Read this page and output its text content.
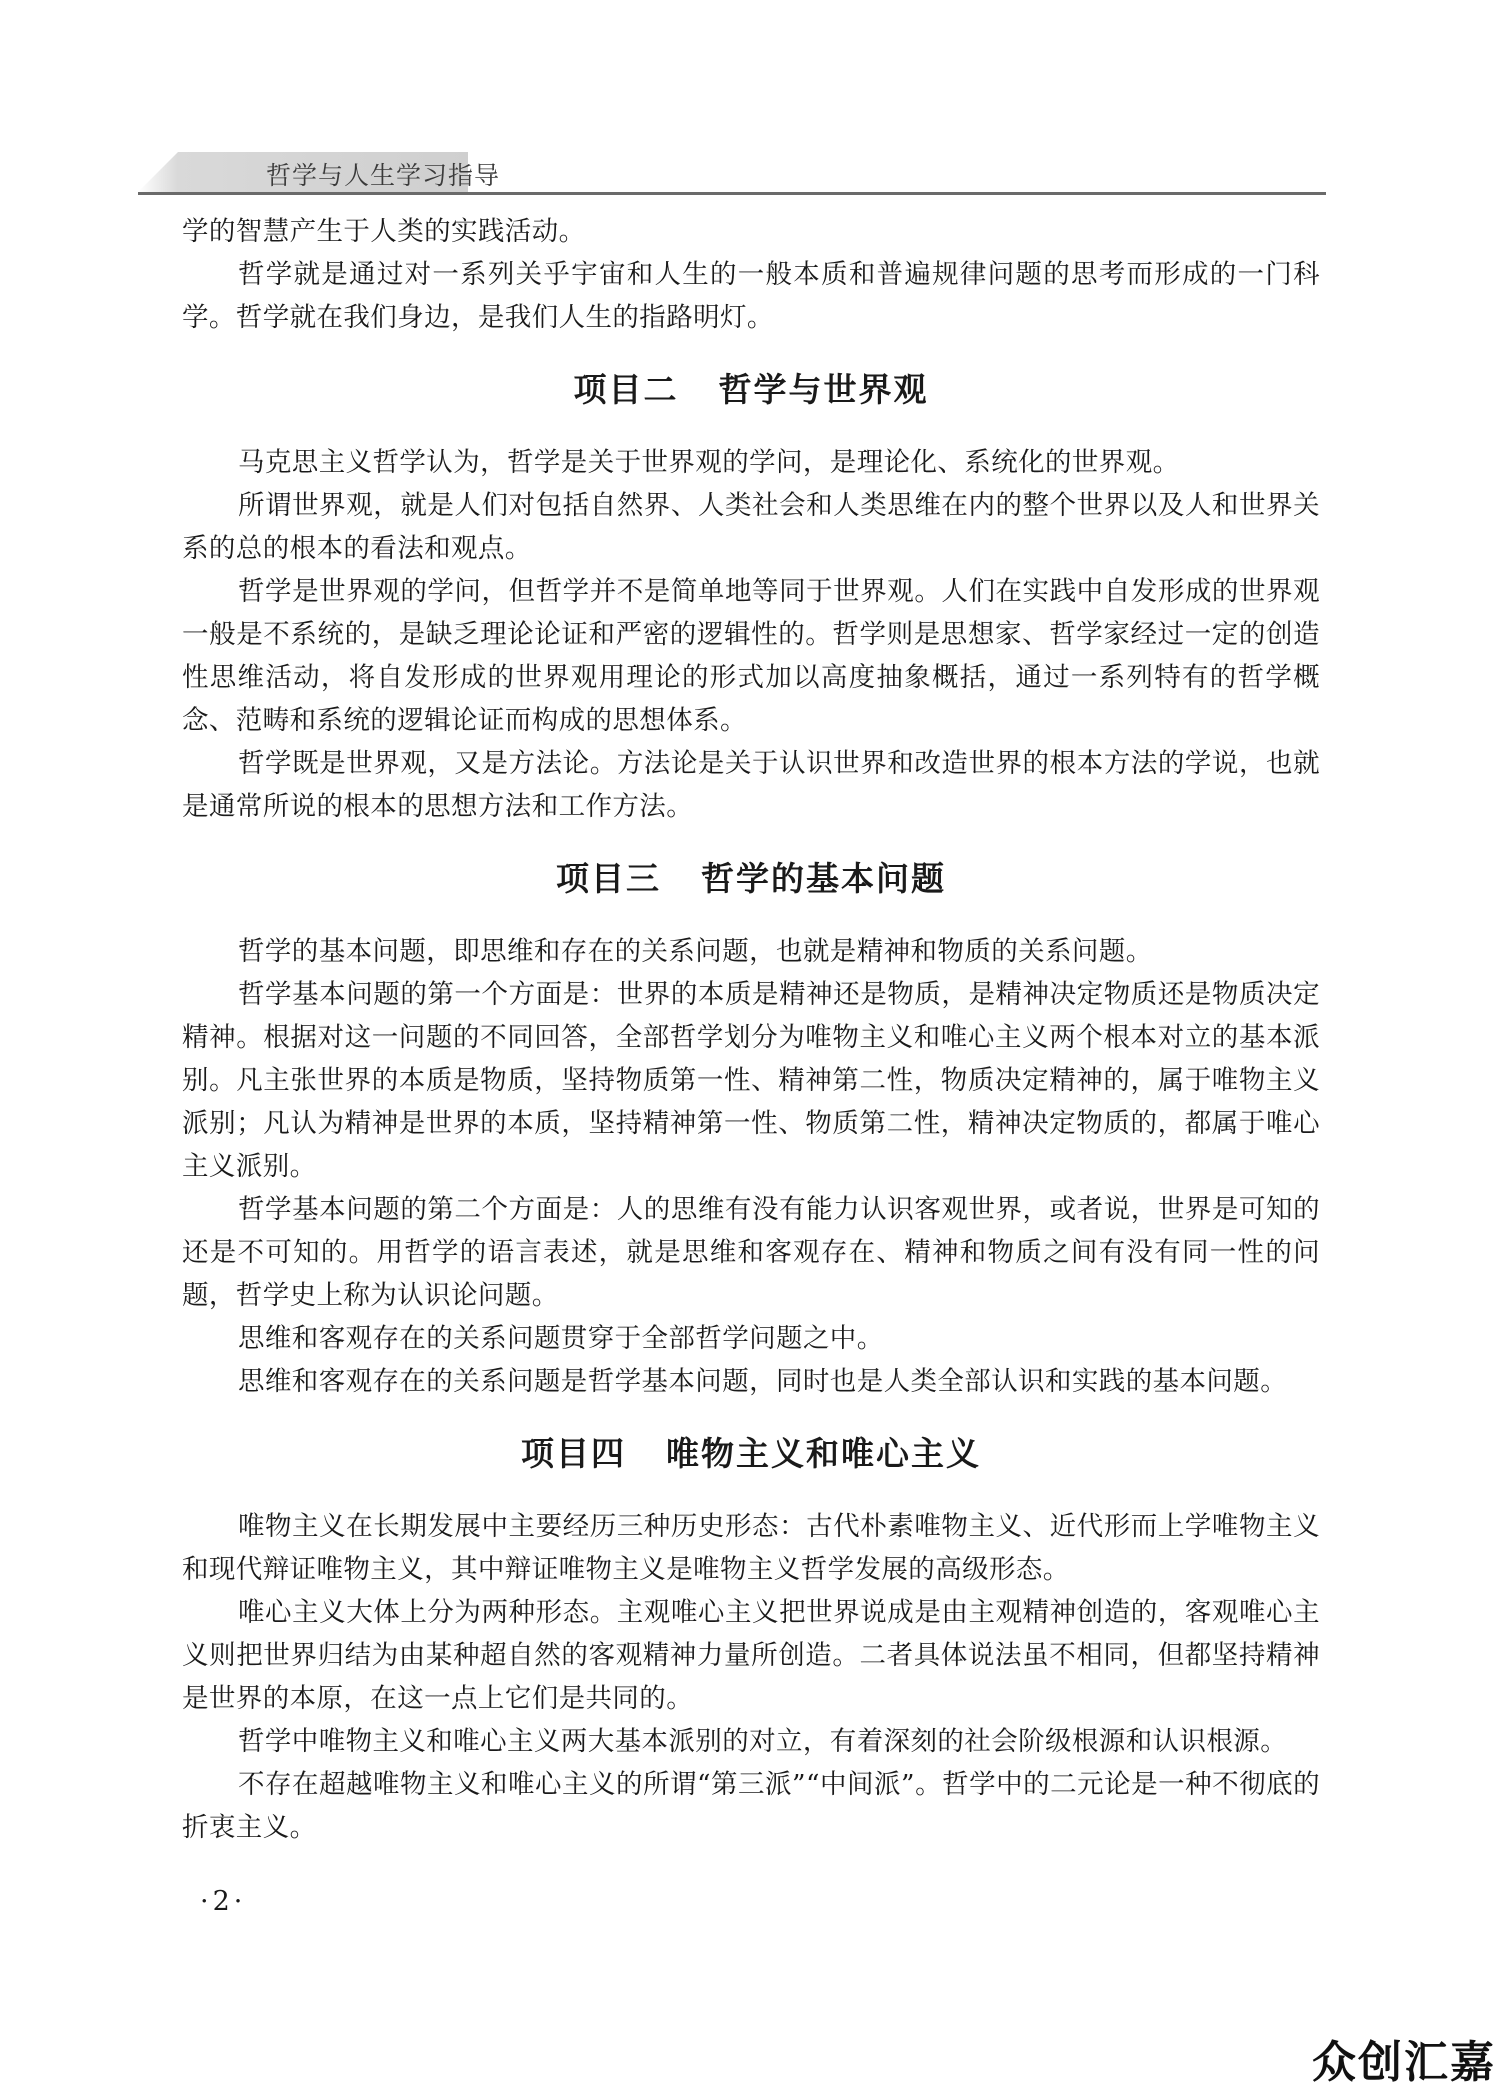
哲学与人生学习指导

学的智慧产生于人类的实践活动。

哲学就是通过对一系列关乎宇宙和人生的一般本质和普遍规律问题的思考而形成的一门科学。哲学就在我们身边，是我们人生的指路明灯。

项目二 哲学与世界观

马克思主义哲学认为，哲学是关于世界观的学问，是理论化、系统化的世界观。

所谓世界观，就是人们对包括自然界、人类社会和人类思维在内的整个世界以及人和世界关系的总的根本的看法和观点。

哲学是世界观的学问，但哲学并不是简单地等同于世界观。人们在实践中自发形成的世界观一般是不系统的，是缺乏理论论证和严密的逻辑性的。哲学则是思想家、哲学家经过一定的创造性思维活动，将自发形成的世界观用理论的形式加以高度抽象概括，通过一系列特有的哲学概念、范畴和系统的逻辑论证而构成的思想体系。

哲学既是世界观，又是方法论。方法论是关于认识世界和改造世界的根本方法的学说，也就是通常所说的根本的思想方法和工作方法。

项目三 哲学的基本问题

哲学的基本问题，即思维和存在的关系问题，也就是精神和物质的关系问题。

哲学基本问题的第一个方面是：世界的本质是精神还是物质，是精神决定物质还是物质决定精神。根据对这一问题的不同回答，全部哲学划分为唯物主义和唯心主义两个根本对立的基本派别。凡主张世界的本质是物质，坚持物质第一性、精神第二性，物质决定精神的，属于唯物主义派别；凡认为精神是世界的本质，坚持精神第一性、物质第二性，精神决定物质的，都属于唯心主义派别。

哲学基本问题的第二个方面是：人的思维有没有能力认识客观世界，或者说，世界是可知的还是不可知的。用哲学的语言表述，就是思维和客观存在、精神和物质之间有没有同一性的问题，哲学史上称为认识论问题。

思维和客观存在的关系问题贯穿于全部哲学问题之中。

思维和客观存在的关系问题是哲学基本问题，同时也是人类全部认识和实践的基本问题。

项目四 唯物主义和唯心主义

唯物主义在长期发展中主要经历三种历史形态：古代朴素唯物主义、近代形而上学唯物主义和现代辩证唯物主义，其中辩证唯物主义是唯物主义哲学发展的高级形态。

唯心主义大体上分为两种形态。主观唯心主义把世界说成是由主观精神创造的，客观唯心主义则把世界归结为由某种超自然的客观精神力量所创造。二者具体说法虽不相同，但都坚持精神是世界的本原，在这一点上它们是共同的。

哲学中唯物主义和唯心主义两大基本派别的对立，有着深刻的社会阶级根源和认识根源。

不存在超越唯物主义和唯心主义的所谓“第三派”“中间派”。哲学中的二元论是一种不彻底的折衷主义。

·2·
众创汇嘉
